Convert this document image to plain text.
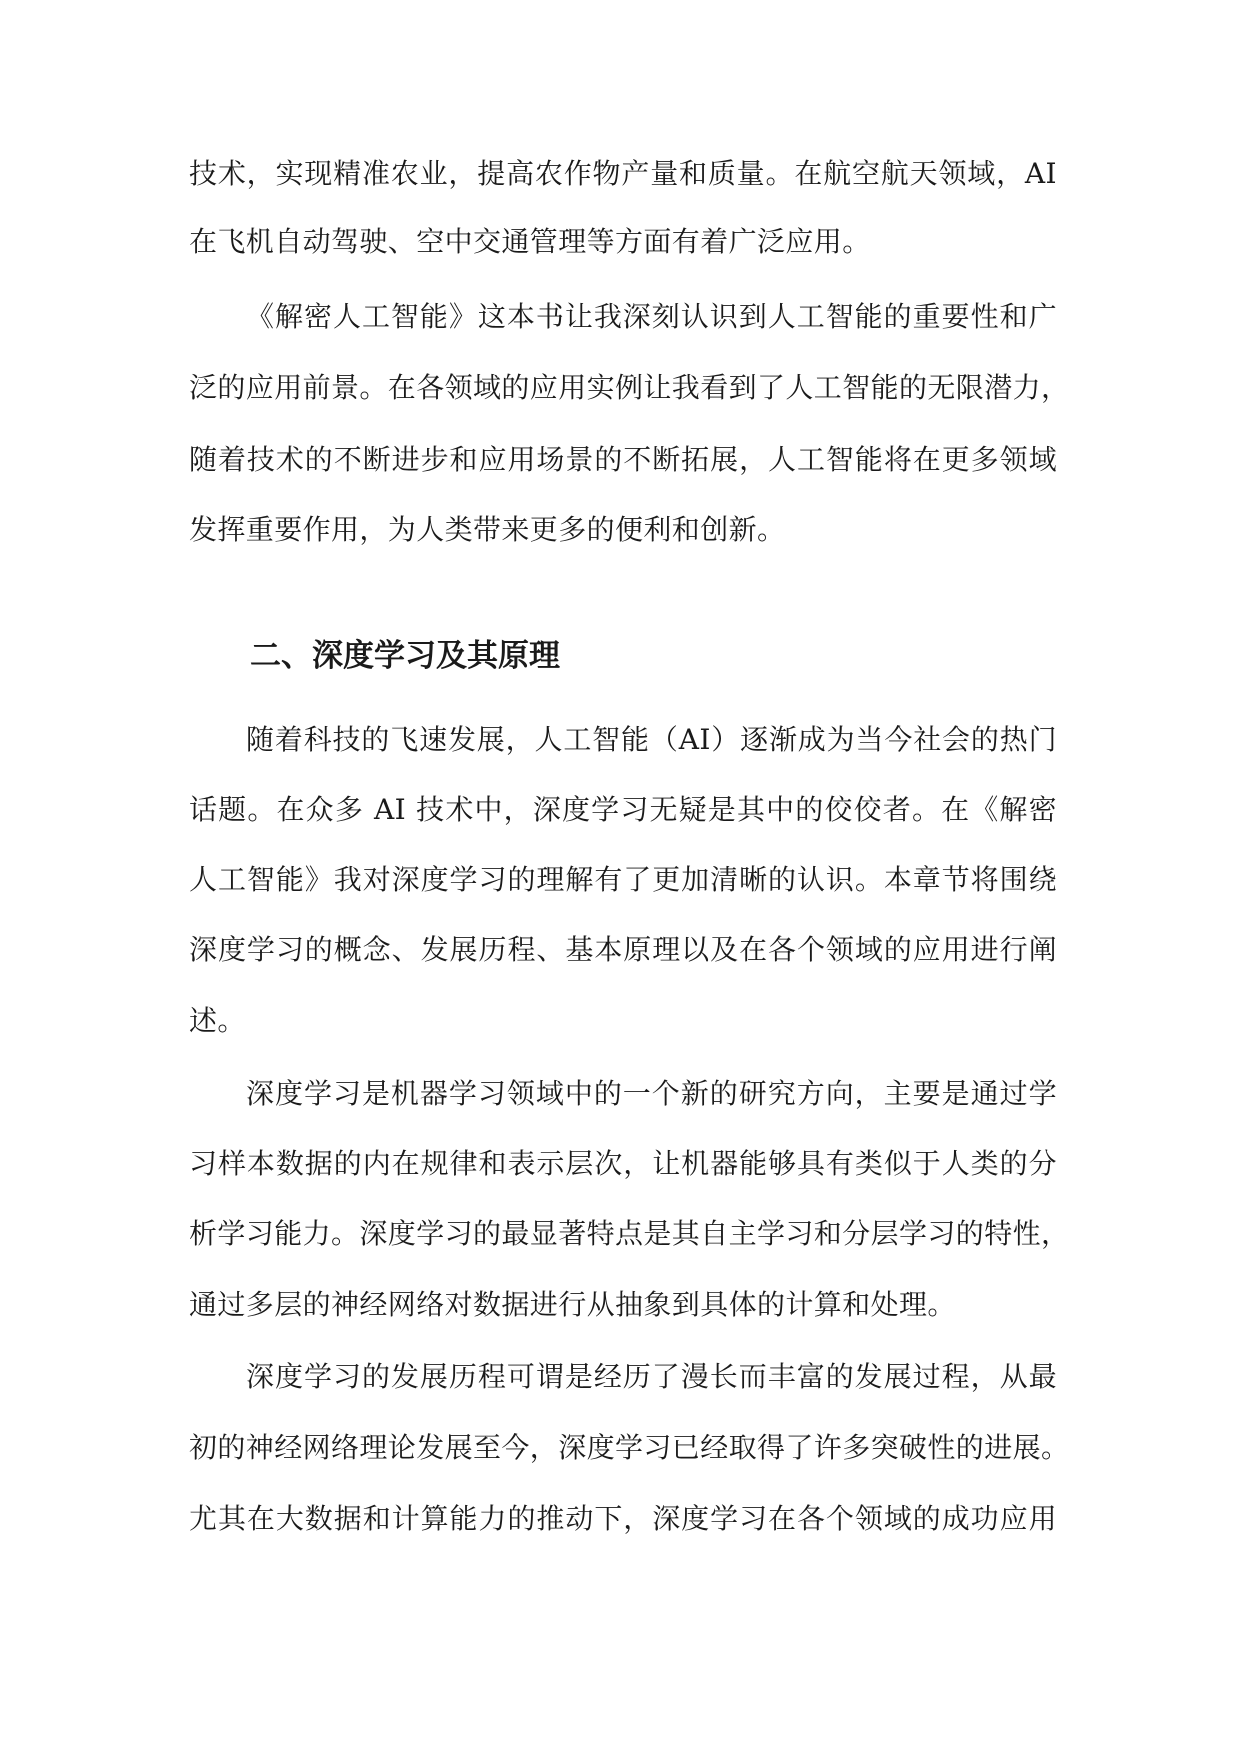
技术，实现精准农业，提高农作物产量和质量。在航空航天领域，AI
在飞机自动驾驶、空中交通管理等方面有着广泛应用。
《解密人工智能》这本书让我深刻认识到人工智能的重要性和广
泛的应用前景。在各领域的应用实例让我看到了人工智能的无限潜力，
随着技术的不断进步和应用场景的不断拓展，人工智能将在更多领域
发挥重要作用，为人类带来更多的便利和创新。
二、深度学习及其原理
随着科技的飞速发展，人工智能（AI）逐渐成为当今社会的热门
话题。在众多 AI 技术中，深度学习无疑是其中的佼佼者。在《解密
人工智能》我对深度学习的理解有了更加清晰的认识。本章节将围绕
深度学习的概念、发展历程、基本原理以及在各个领域的应用进行阐
述。
深度学习是机器学习领域中的一个新的研究方向，主要是通过学
习样本数据的内在规律和表示层次，让机器能够具有类似于人类的分
析学习能力。深度学习的最显著特点是其自主学习和分层学习的特性，
通过多层的神经网络对数据进行从抽象到具体的计算和处理。
深度学习的发展历程可谓是经历了漫长而丰富的发展过程，从最
初的神经网络理论发展至今，深度学习已经取得了许多突破性的进展。
尤其在大数据和计算能力的推动下，深度学习在各个领域的成功应用
